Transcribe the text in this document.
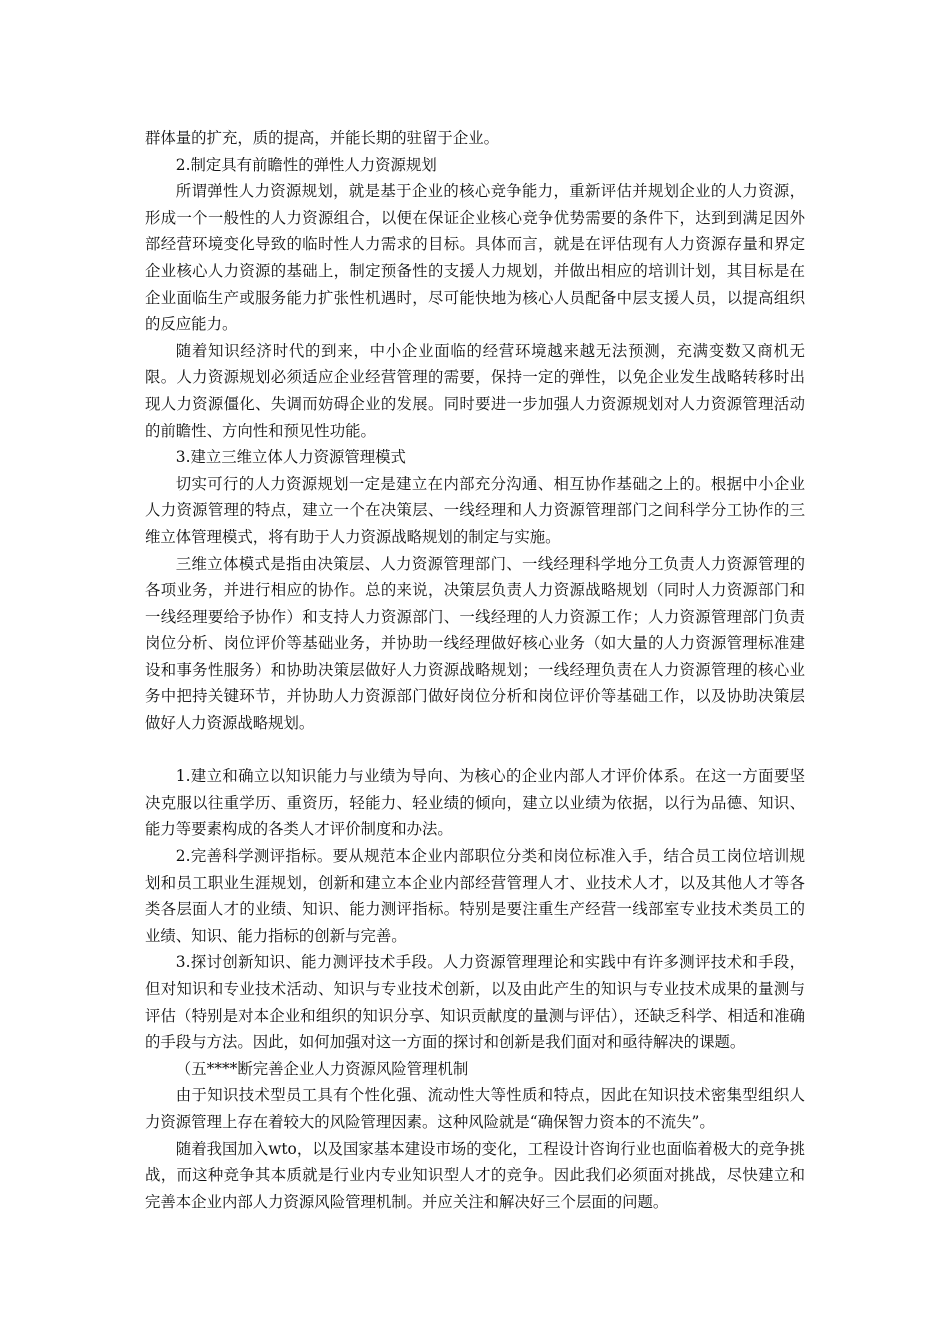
群体量的扩充，质的提高，并能长期的驻留于企业。

2.制定具有前瞻性的弹性人力资源规划

所谓弹性人力资源规划，就是基于企业的核心竞争能力，重新评估并规划企业的人力资源，形成一个一般性的人力资源组合，以便在保证企业核心竞争优势需要的条件下，达到到满足因外部经营环境变化导致的临时性人力需求的目标。具体而言，就是在评估现有人力资源存量和界定企业核心人力资源的基础上，制定预备性的支援人力规划，并做出相应的培训计划，其目标是在企业面临生产或服务能力扩张性机遇时，尽可能快地为核心人员配备中层支援人员，以提高组织的反应能力。

随着知识经济时代的到来，中小企业面临的经营环境越来越无法预测，充满变数又商机无限。人力资源规划必须适应企业经营管理的需要，保持一定的弹性，以免企业发生战略转移时出现人力资源僵化、失调而妨碍企业的发展。同时要进一步加强人力资源规划对人力资源管理活动的前瞻性、方向性和预见性功能。

3.建立三维立体人力资源管理模式

切实可行的人力资源规划一定是建立在内部充分沟通、相互协作基础之上的。根据中小企业人力资源管理的特点，建立一个在决策层、一线经理和人力资源管理部门之间科学分工协作的三维立体管理模式，将有助于人力资源战略规划的制定与实施。

三维立体模式是指由决策层、人力资源管理部门、一线经理科学地分工负责人力资源管理的各项业务，并进行相应的协作。总的来说，决策层负责人力资源战略规划（同时人力资源部门和一线经理要给予协作）和支持人力资源部门、一线经理的人力资源工作；人力资源管理部门负责岗位分析、岗位评价等基础业务，并协助一线经理做好核心业务（如大量的人力资源管理标准建设和事务性服务）和协助决策层做好人力资源战略规划；一线经理负责在人力资源管理的核心业务中把持关键环节，并协助人力资源部门做好岗位分析和岗位评价等基础工作，以及协助决策层做好人力资源战略规划。

1.建立和确立以知识能力与业绩为导向、为核心的企业内部人才评价体系。在这一方面要坚决克服以往重学历、重资历，轻能力、轻业绩的倾向，建立以业绩为依据，以行为品德、知识、能力等要素构成的各类人才评价制度和办法。

2.完善科学测评指标。要从规范本企业内部职位分类和岗位标准入手，结合员工岗位培训规划和员工职业生涯规划，创新和建立本企业内部经营管理人才、业技术人才，以及其他人才等各类各层面人才的业绩、知识、能力测评指标。特别是要注重生产经营一线部室专业技术类员工的业绩、知识、能力指标的创新与完善。

3.探讨创新知识、能力测评技术手段。人力资源管理理论和实践中有许多测评技术和手段，但对知识和专业技术活动、知识与专业技术创新，以及由此产生的知识与专业技术成果的量测与评估（特别是对本企业和组织的知识分享、知识贡献度的量测与评估），还缺乏科学、相适和准确的手段与方法。因此，如何加强对这一方面的探讨和创新是我们面对和亟待解决的课题。

（五****断完善企业人力资源风险管理机制

由于知识技术型员工具有个性化强、流动性大等性质和特点，因此在知识技术密集型组织人力资源管理上存在着较大的风险管理因素。这种风险就是“确保智力资本的不流失”。

随着我国加入wto，以及国家基本建设市场的变化，工程设计咨询行业也面临着极大的竞争挑战，而这种竞争其本质就是行业内专业知识型人才的竞争。因此我们必须面对挑战，尽快建立和完善本企业内部人力资源风险管理机制。并应关注和解决好三个层面的问题。
